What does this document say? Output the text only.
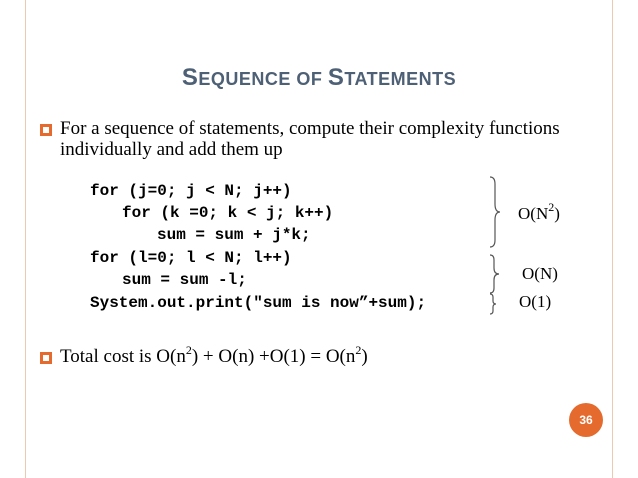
SEQUENCE OF STATEMENTS
For a sequence of statements, compute their complexity functions individually and add them up
for (j=0; j < N; j++)
for (k =0; k < j; k++)
sum = sum + j*k;
for (l=0; l < N; l++)
sum = sum -l;
System.out.print("sum is now”+sum);
$O(N^2)$
O(N)
O(1)
Total cost is $O(n^2) + O(n) +O(1) = O(n^2)$
36
